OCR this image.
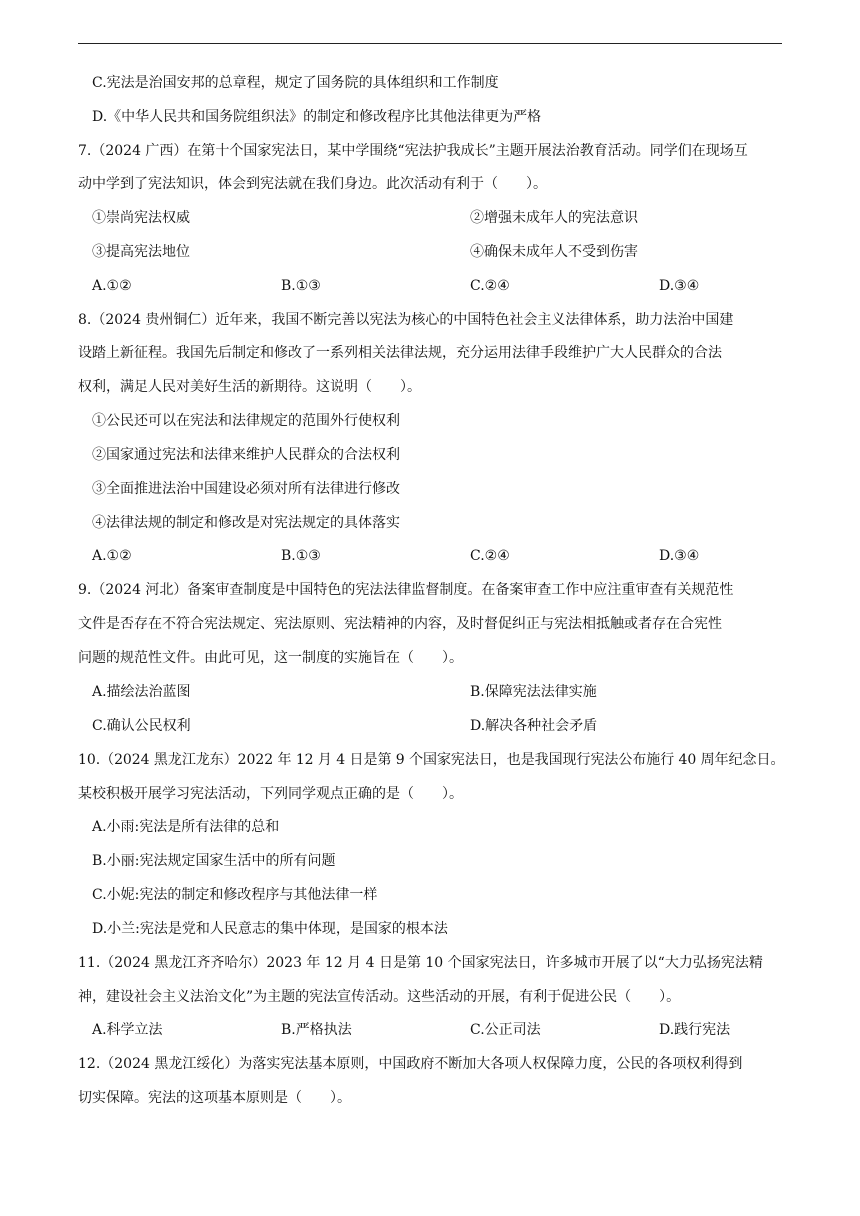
C.宪法是治国安邦的总章程，规定了国务院的具体组织和工作制度
D.《中华人民共和国务院组织法》的制定和修改程序比其他法律更为严格
7.（2024 广西）在第十个国家宪法日，某中学围绕“宪法护我成长”主题开展法治教育活动。同学们在现场互
动中学到了宪法知识，体会到宪法就在我们身边。此次活动有利于（　　）。
①崇尚宪法权威	②增强未成年人的宪法意识
③提高宪法地位	④确保未成年人不受到伤害
A.①②	B.①③	C.②④	D.③④
8.（2024 贵州铜仁）近年来，我国不断完善以宪法为核心的中国特色社会主义法律体系，助力法治中国建
设踏上新征程。我国先后制定和修改了一系列相关法律法规，充分运用法律手段维护广大人民群众的合法
权利，满足人民对美好生活的新期待。这说明（　　）。
①公民还可以在宪法和法律规定的范围外行使权利
②国家通过宪法和法律来维护人民群众的合法权利
③全面推进法治中国建设必须对所有法律进行修改
④法律法规的制定和修改是对宪法规定的具体落实
A.①②	B.①③	C.②④	D.③④
9.（2024 河北）备案审查制度是中国特色的宪法法律监督制度。在备案审查工作中应注重审查有关规范性
文件是否存在不符合宪法规定、宪法原则、宪法精神的内容，及时督促纠正与宪法相抵触或者存在合宪性
问题的规范性文件。由此可见，这一制度的实施旨在（　　）。
A.描绘法治蓝图	B.保障宪法法律实施
C.确认公民权利	D.解决各种社会矛盾
10.（2024 黑龙江龙东）2022 年 12 月 4 日是第 9 个国家宪法日，也是我国现行宪法公布施行 40 周年纪念日。
某校积极开展学习宪法活动，下列同学观点正确的是（　　）。
A.小雨:宪法是所有法律的总和
B.小丽:宪法规定国家生活中的所有问题
C.小妮:宪法的制定和修改程序与其他法律一样
D.小兰:宪法是党和人民意志的集中体现，是国家的根本法
11.（2024 黑龙江齐齐哈尔）2023 年 12 月 4 日是第 10 个国家宪法日，许多城市开展了以“大力弘扬宪法精
神，建设社会主义法治文化”为主题的宪法宣传活动。这些活动的开展，有利于促进公民（　　）。
A.科学立法	B.严格执法	C.公正司法	D.践行宪法
12.（2024 黑龙江绥化）为落实宪法基本原则，中国政府不断加大各项人权保障力度，公民的各项权利得到
切实保障。宪法的这项基本原则是（　　）。
